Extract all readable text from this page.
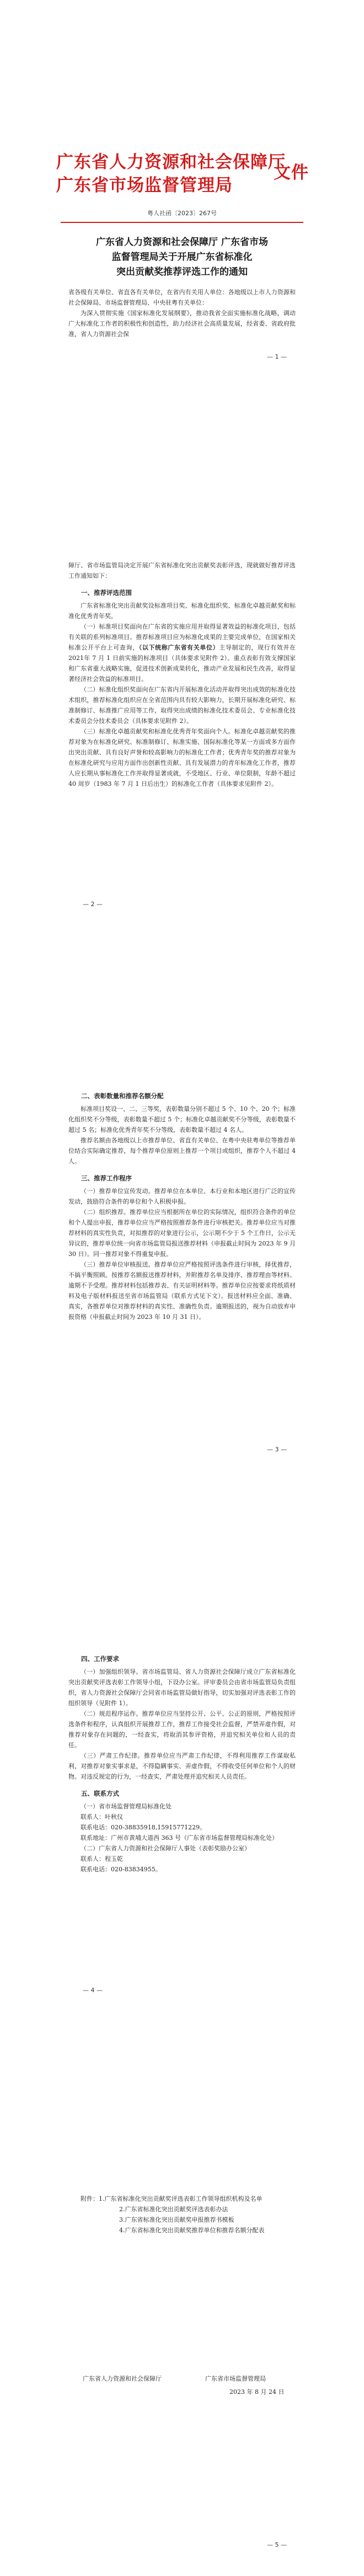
广东省人力资源和社会保障厅
广东省市场监督管理局
文件
粤人社函〔2023〕267号
广东省人力资源和社会保障厅 广东省市场
监督管理局关于开展广东省标准化
突出贡献奖推荐评选工作的通知

省各级有关单位、省直各有关单位，在省内有关用人单位：各地级以上市人力资源和社会保障局、市场监督管理局、中央驻粤有关单位：

为深入贯彻实施《国家标准化发展纲要》，推动我省全面实施标准化战略，调动广大标准化工作者的积极性和创造性，助力经济社会高质量发展，经省委、省政府批准，省人力资源社会保

— 1 —

障厅、省市场监管局决定开展广东省标准化突出贡献奖表彰评选，现就做好推荐评选工作通知如下：

一、推荐评选范围

广东省标准化突出贡献奖设标准项目奖、标准化组织奖、标准化卓越贡献奖和标准化优秀青年奖。

（一）标准项目奖面向在广东省的实施应用并取得显著效益的标准化项目，包括有关联的系列标准项目。推荐标准项目应为标准化成果的主要完成单位，在国家相关标准公开平台上可查询，（以下统称广东省有关单位）主导制定的，现行有效并在 2021年 7 月 1 日前实施的标准项目（具体要求见附件 2）。重点表彰有效支撑国家和广东省重大战略实施，促进技术创新成果转化，推动产业发展和民生改善，取得显著经济社会效益的标准项目。

（二）标准化组织奖面向在广东省内开展标准化活动并取得突出成效的标准化技术组织，推荐标准化组织应在全省范围内具有较大影响力，长期开展标准化研究、标准制修订、标准推广应用等工作，取得突出成绩的标准化技术委员会、专业标准化技术委员会分技术委员会（具体要求见附件 2）。

（三）标准化卓越贡献奖和标准化优秀青年奖面向个人。标准化卓越贡献奖的推荐对象为在标准化研究、标准制修订、标准实施、国际标准化等某一方面或多方面作出突出贡献、具有良好声誉和较高影响力的标准化工作者；优秀青年奖的推荐对象为在标准化研究与应用方面作出创新性贡献、具有发展潜力的青年标准化工作者，推荐人应长期从事标准化工作并取得显著成就，不受地区、行业、单位限制，年龄不超过 40 周岁（1983 年 7 月 1 日后出生）的标准化工作者（具体要求见附件 2）。

— 2 —
二、表彰数量和推荐名额分配

标准项目奖设一、二、三等奖，表彰数量分别不超过 5 个、10 个、20 个；标准化组织奖不分等级，表彰数量不超过 5 个；标准化卓越贡献奖不分等级，表彰数量不超过 5 名；标准化优秀青年奖不分等级，表彰数量不超过 4 名人。

推荐名额由各地级以上市推荐单位、省直有关单位、在粤中央驻粤单位等推荐单位结合实际确定推荐，每个推荐单位原则上推荐一个项目或组织，推荐个人不超过 4 人。

三、推荐工作程序

（一）推荐单位宣传发动。推荐单位在本单位、本行业和本地区进行广泛的宣传发动，鼓励符合条件的单位和个人积极申报。

（二）组织推荐。推荐单位应当根据所在单位的实际情况，组织符合条件的单位和个人提出申报，推荐单位应当严格按照推荐条件进行审核把关。推荐单位应当对推荐材料的真实性负责，对拟推荐的对象进行公示，公示期不少于 5 个工作日，公示无异议的，推荐单位统一向省市场监管局报送推荐材料（申报截止时间为 2023 年 9 月 30 日）。同一推荐对象不得重复申报。

（三）推荐单位审核报送。推荐单位应严格按照评选条件进行审核，择优推荐，不搞平衡照顾。按推荐名额报送推荐材料，并附推荐名单及排序、推荐理由等材料。逾期不予受理。推荐材料包括推荐表、有关证明材料等。推荐单位应按要求将纸质材料及电子版材料报送至省市场监管局（联系方式见下文）。报送材料应全面、准确、真实，各推荐单位对推荐材料的真实性、准确性负责。逾期报送的，视为自动放弃申报资格（申报截止时间为 2023 年 10 月 31 日）。

— 3 —
四、工作要求

（一）加强组织领导。省市场监管局、省人力资源社会保障厅成立广东省标准化突出贡献奖评选表彰工作领导小组，下设办公室。评审委员会由省市场监管局负责组织，省人力资源社会保障厅会同省市场监管局做好指导，切实加强对评选表彰工作的组织领导（见附件 1）。

（二）规范程序运作。推荐单位应当坚持公开、公平、公正的原则，严格按照评选条件和程序，认真组织开展推荐工作，推荐工作接受社会监督，严禁弄虚作假，对推荐对象存在问题的，一经查实，将取消其参评资格，并追究相关单位和人员的责任。

（三）严肃工作纪律。推荐单位应当严肃工作纪律，不得利用推荐工作谋取私利，对推荐对象实事求是，不得隐瞒事实、弄虚作假，不得收受任何单位和个人的财物。对违反规定的行为，一经查实，严肃处理并追究相关人员责任。

五、联系方式

（一）省市场监督管理局标准化处

联系人：叶秋仪

联系电话：020-38835918,15915771229。

联系地址：广州市黄埔大道西 363 号（广东省市场监督管理局标准化处）

（二）广东省人力资源和社会保障厅人事处（表彰奖励办公室）

联系人：程玉乾

联系电话：020-83834955。

— 4 —

附件：1.广东省标准化突出贡献奖评选表彰工作领导组织机构及名单

2.广东省标准化突出贡献奖评选表彰办法

3.广东省标准化突出贡献奖申报推荐书模板

4.广东省标准化突出贡献奖推荐单位和推荐名额分配表

广东省人力资源和社会保障厅	广东省市场监督管理局
2023 年 8 月 24 日
— 5 —
